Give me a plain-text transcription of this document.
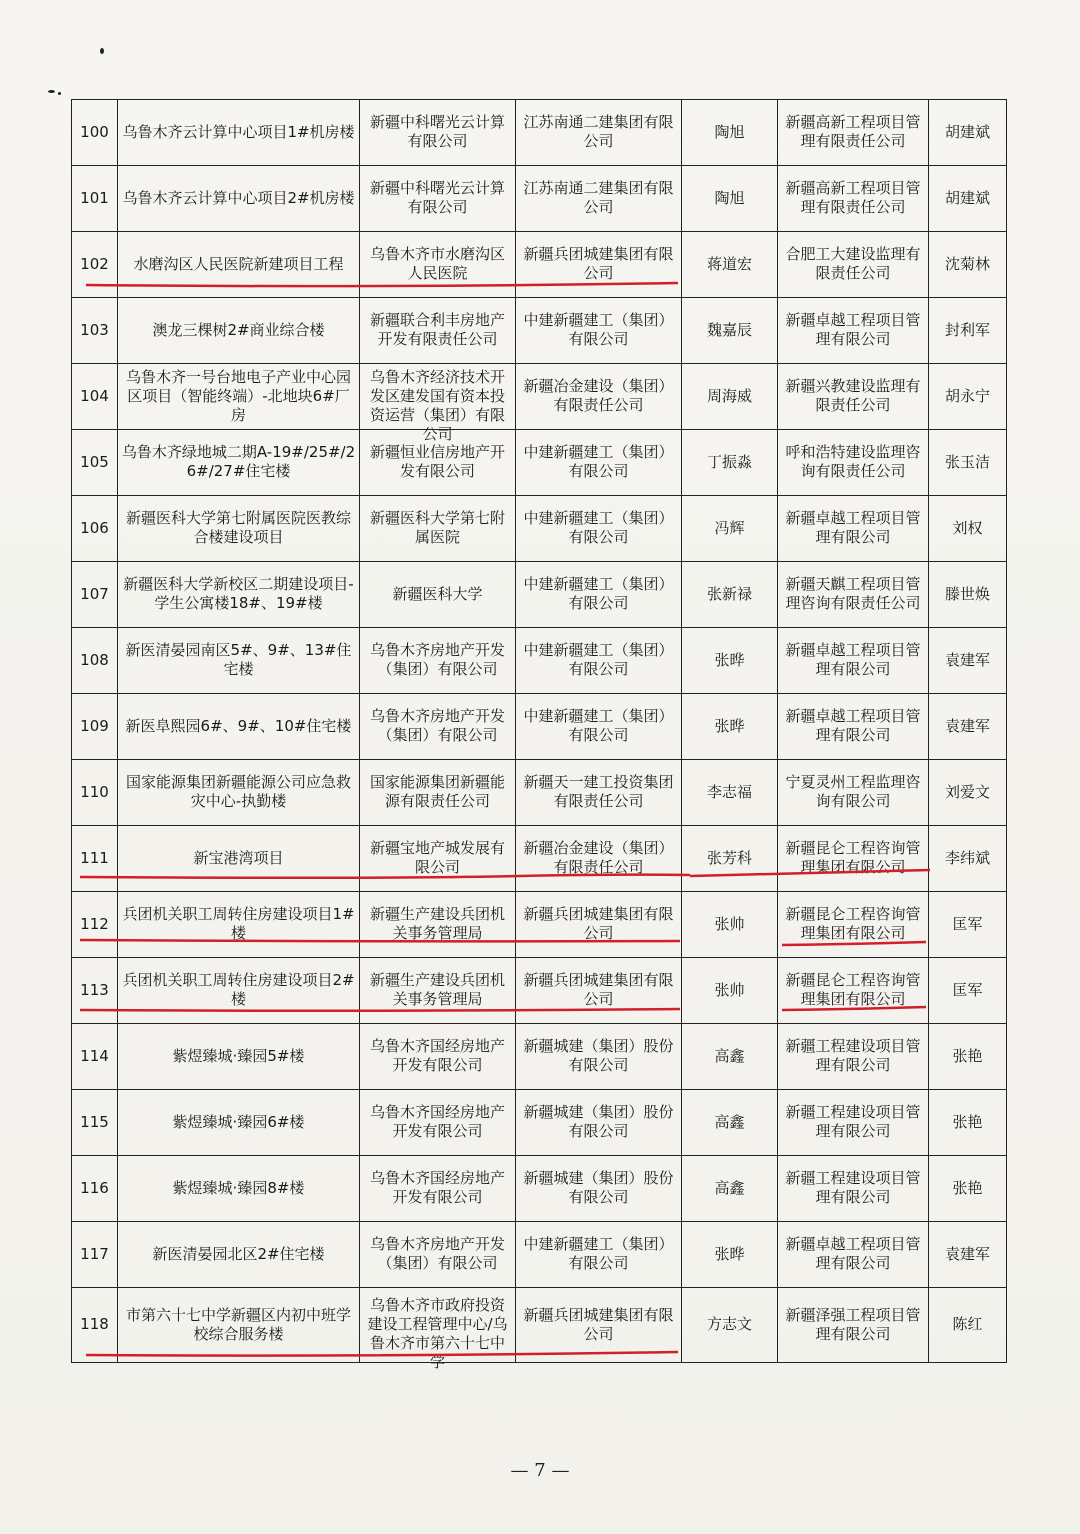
100	乌鲁木齐云计算中心项目1#机房楼	新疆中科曙光云计算有限公司	江苏南通二建集团有限公司	陶旭	新疆高新工程项目管理有限责任公司	胡建斌

101	乌鲁木齐云计算中心项目2#机房楼	新疆中科曙光云计算有限公司	江苏南通二建集团有限公司	陶旭	新疆高新工程项目管理有限责任公司	胡建斌

102	水磨沟区人民医院新建项目工程	乌鲁木齐市水磨沟区人民医院	新疆兵团城建集团有限公司	蒋道宏	合肥工大建设监理有限责任公司	沈菊林

103	澳龙三棵树2#商业综合楼	新疆联合利丰房地产开发有限责任公司	中建新疆建工（集团）有限公司	魏嘉辰	新疆卓越工程项目管理有限公司	封利军

104	乌鲁木齐一号台地电子产业中心园区项目（智能终端）-北地块6#厂房	乌鲁木齐经济技术开发区建发国有资本投资运营（集团）有限公司	新疆冶金建设（集团）有限责任公司	周海威	新疆兴教建设监理有限责任公司	胡永宁

105	乌鲁木齐绿地城二期A-19#/25#/26#/27#住宅楼	新疆恒业信房地产开发有限公司	中建新疆建工（集团）有限公司	丁振淼	呼和浩特建设监理咨询有限责任公司	张玉洁

106	新疆医科大学第七附属医院医教综合楼建设项目	新疆医科大学第七附属医院	中建新疆建工（集团）有限公司	冯辉	新疆卓越工程项目管理有限公司	刘权

107	新疆医科大学新校区二期建设项目-学生公寓楼18#、19#楼	新疆医科大学	中建新疆建工（集团）有限公司	张新禄	新疆天麒工程项目管理咨询有限责任公司	滕世焕

108	新医清晏园南区5#、9#、13#住宅楼	乌鲁木齐房地产开发（集团）有限公司	中建新疆建工（集团）有限公司	张晔	新疆卓越工程项目管理有限公司	袁建军

109	新医阜熙园6#、9#、10#住宅楼	乌鲁木齐房地产开发（集团）有限公司	中建新疆建工（集团）有限公司	张晔	新疆卓越工程项目管理有限公司	袁建军

110	国家能源集团新疆能源公司应急救灾中心-执勤楼	国家能源集团新疆能源有限责任公司	新疆天一建工投资集团有限责任公司	李志福	宁夏灵州工程监理咨询有限公司	刘爱文

111	新宝港湾项目	新疆宝地产城发展有限公司	新疆冶金建设（集团）有限责任公司	张芳科	新疆昆仑工程咨询管理集团有限公司	李纬斌

112	兵团机关职工周转住房建设项目1#楼	新疆生产建设兵团机关事务管理局	新疆兵团城建集团有限公司	张帅	新疆昆仑工程咨询管理集团有限公司	匡军

113	兵团机关职工周转住房建设项目2#楼	新疆生产建设兵团机关事务管理局	新疆兵团城建集团有限公司	张帅	新疆昆仑工程咨询管理集团有限公司	匡军

114	紫煜臻城·臻园5#楼	乌鲁木齐国经房地产开发有限公司	新疆城建（集团）股份有限公司	高鑫	新疆工程建设项目管理有限公司	张艳

115	紫煜臻城·臻园6#楼	乌鲁木齐国经房地产开发有限公司	新疆城建（集团）股份有限公司	高鑫	新疆工程建设项目管理有限公司	张艳

116	紫煜臻城·臻园8#楼	乌鲁木齐国经房地产开发有限公司	新疆城建（集团）股份有限公司	高鑫	新疆工程建设项目管理有限公司	张艳

117	新医清晏园北区2#住宅楼	乌鲁木齐房地产开发（集团）有限公司	中建新疆建工（集团）有限公司	张晔	新疆卓越工程项目管理有限公司	袁建军

118	市第六十七中学新疆区内初中班学校综合服务楼	乌鲁木齐市政府投资建设工程管理中心/乌鲁木齐市第六十七中学	新疆兵团城建集团有限公司	方志文	新疆泽强工程项目管理有限公司	陈红
— 7 —
